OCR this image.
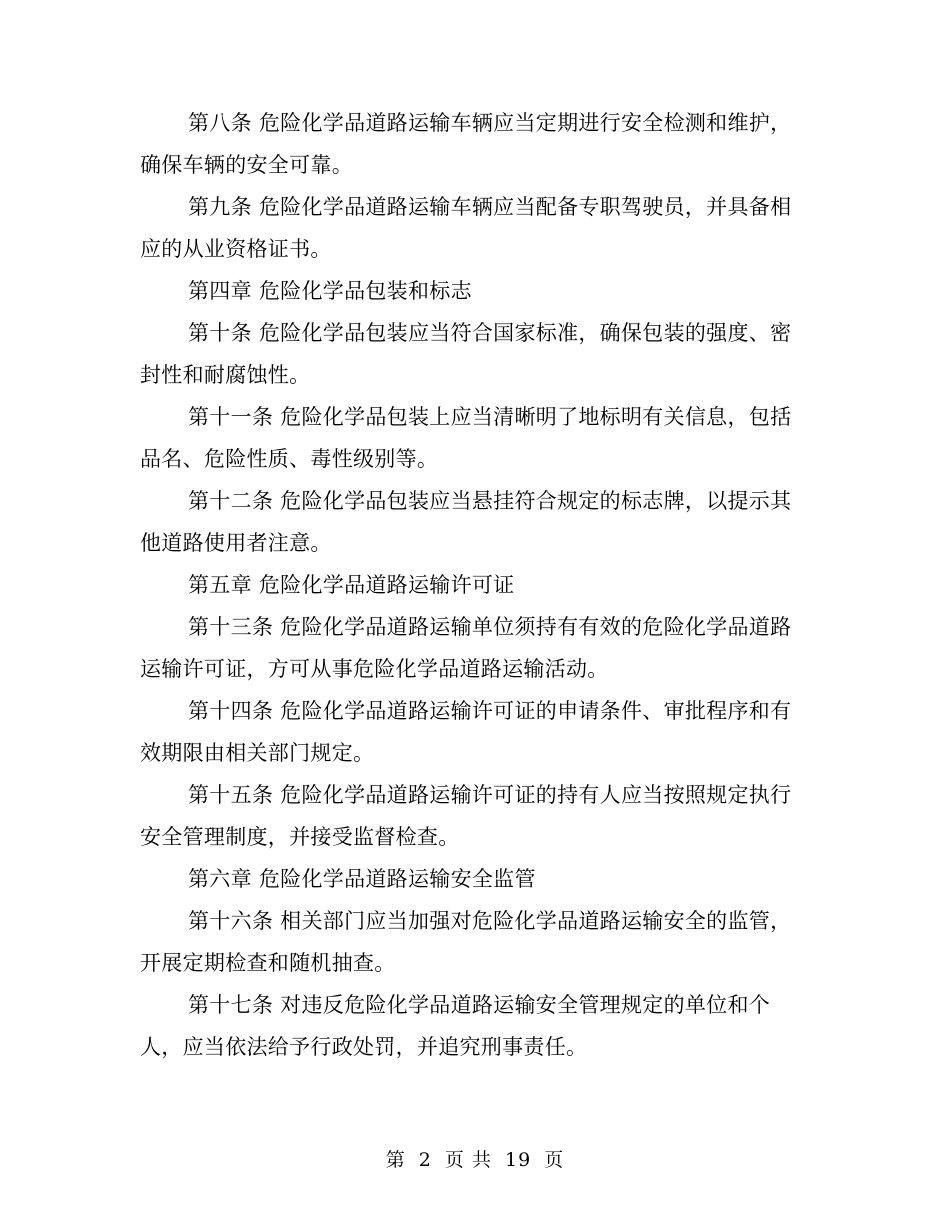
第八条 危险化学品道路运输车辆应当定期进行安全检测和维护，确保车辆的安全可靠。

第九条 危险化学品道路运输车辆应当配备专职驾驶员，并具备相应的从业资格证书。

第四章 危险化学品包装和标志

第十条 危险化学品包装应当符合国家标准，确保包装的强度、密封性和耐腐蚀性。

第十一条 危险化学品包装上应当清晰明了地标明有关信息，包括品名、危险性质、毒性级别等。

第十二条 危险化学品包装应当悬挂符合规定的标志牌，以提示其他道路使用者注意。

第五章 危险化学品道路运输许可证

第十三条 危险化学品道路运输单位须持有有效的危险化学品道路运输许可证，方可从事危险化学品道路运输活动。

第十四条 危险化学品道路运输许可证的申请条件、审批程序和有效期限由相关部门规定。

第十五条 危险化学品道路运输许可证的持有人应当按照规定执行安全管理制度，并接受监督检查。

第六章 危险化学品道路运输安全监管

第十六条 相关部门应当加强对危险化学品道路运输安全的监管，开展定期检查和随机抽查。

第十七条 对违反危险化学品道路运输安全管理规定的单位和个人，应当依法给予行政处罚，并追究刑事责任。

第 2 页 共 19 页
